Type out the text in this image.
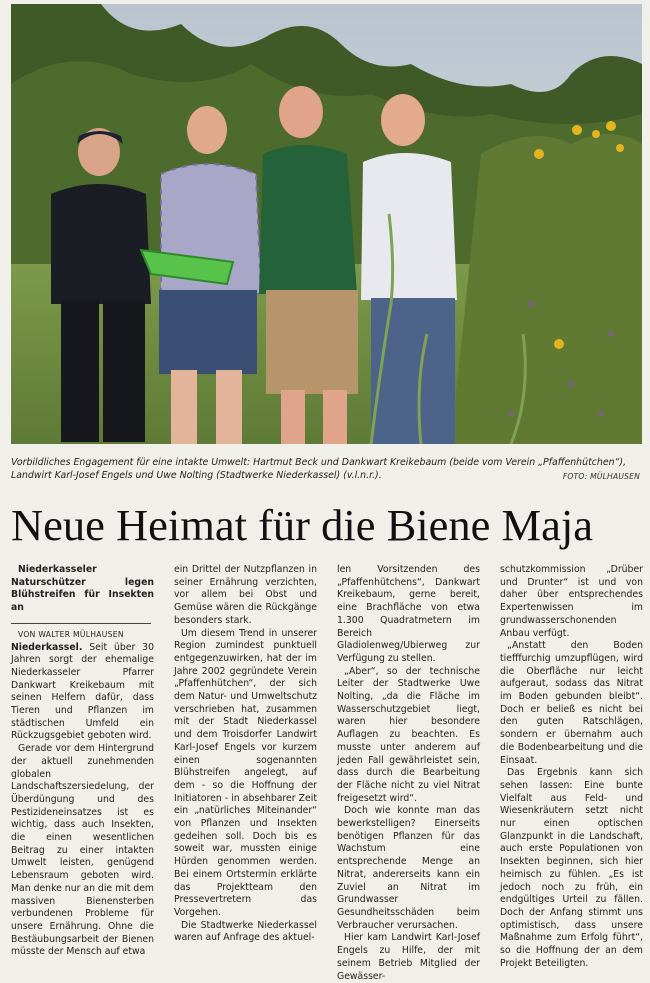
Vorbildliches Engagement für eine intakte Umwelt: Hartmut Beck und Dankwart Kreikebaum (beide vom Verein „Pfaffenhütchen“), Landwirt Karl-Josef Engels und Uwe Nolting (Stadtwerke Niederkassel) (v.l.n.r.).	FOTO: MÜLHAUSEN
Neue Heimat für die Biene Maja

Niederkasseler Naturschützer legen Blühstreifen für Insekten an

VON WALTER MÜLHAUSEN

Niederkassel. Seit über 30 Jahren sorgt der ehemalige Niederkasseler Pfarrer Dankwart Kreikebaum mit seinen Helfern dafür, dass Tieren und Pflanzen im städtischen Umfeld ein Rückzugsgebiet geboten wird.

Gerade vor dem Hintergrund der aktuell zunehmenden globalen Landschaftszersiedelung, der Überdüngung und des Pestizideneinsatzes ist es wichtig, dass auch Insekten, die einen wesentlichen Beitrag zu einer intakten Umwelt leisten, genügend Lebensraum geboten wird. Man denke nur an die mit dem massiven Bienensterben verbundenen Probleme für unsere Ernährung. Ohne die Bestäubungsarbeit der Bienen müsste der Mensch auf etwa

ein Drittel der Nutzpflanzen in seiner Ernährung verzichten, vor allem bei Obst und Gemüse wären die Rückgänge besonders stark.

Um diesem Trend in unserer Region zumindest punktuell entgegenzuwirken, hat der im Jahre 2002 gegründete Verein „Pfaffenhütchen“, der sich dem Natur- und Umweltschutz verschrieben hat, zusammen mit der Stadt Niederkassel und dem Troisdorfer Landwirt Karl-Josef Engels vor kurzem einen sogenannten Blühstreifen angelegt, auf dem - so die Hoffnung der Initiatoren - in absehbarer Zeit ein „natürliches Miteinander“ von Pflanzen und Insekten gedeihen soll. Doch bis es soweit war, mussten einige Hürden genommen werden. Bei einem Ortstermin erklärte das Projektteam den Pressevertretern das Vorgehen.

Die Stadtwerke Niederkassel waren auf Anfrage des aktuel-

len Vorsitzenden des „Pfaffenhütchens“, Dankwart Kreikebaum, gerne bereit, eine Brachfläche von etwa 1.300 Quadratmetern im Bereich Gladiolenweg/Ubierweg zur Verfügung zu stellen.

„Aber“, so der technische Leiter der Stadtwerke Uwe Nolting, „da die Fläche im Wasserschutzgebiet liegt, waren hier besondere Auflagen zu beachten. Es musste unter anderem auf jeden Fall gewährleistet sein, dass durch die Bearbeitung der Fläche nicht zu viel Nitrat freigesetzt wird“.

Doch wie konnte man das bewerkstelligen? Einerseits benötigen Pflanzen für das Wachstum eine entsprechende Menge an Nitrat, andererseits kann ein Zuviel an Nitrat im Grundwasser Gesundheitsschäden beim Verbraucher verursachen.

Hier kam Landwirt Karl-Josef Engels zu Hilfe, der mit seinem Betrieb Mitglied der Gewässer-

schutzkommission „Drüber und Drunter“ ist und von daher über entsprechendes Expertenwissen im grundwasserschonenden Anbau verfügt.

„Anstatt den Boden tiefffurchig umzupflügen, wird die Oberfläche nur leicht aufgeraut, sodass das Nitrat im Boden gebunden bleibt“. Doch er beließ es nicht bei den guten Ratschlägen, sondern er übernahm auch die Bodenbearbeitung und die Einsaat.

Das Ergebnis kann sich sehen lassen: Eine bunte Vielfalt aus Feld- und Wiesenkräutern setzt nicht nur einen optischen Glanzpunkt in die Landschaft, auch erste Populationen von Insekten beginnen, sich hier heimisch zu fühlen. „Es ist jedoch noch zu früh, ein endgültiges Urteil zu fällen. Doch der Anfang stimmt uns optimistisch, dass unsere Maßnahme zum Erfolg führt“, so die Hoffnung der an dem Projekt Beteiligten.
